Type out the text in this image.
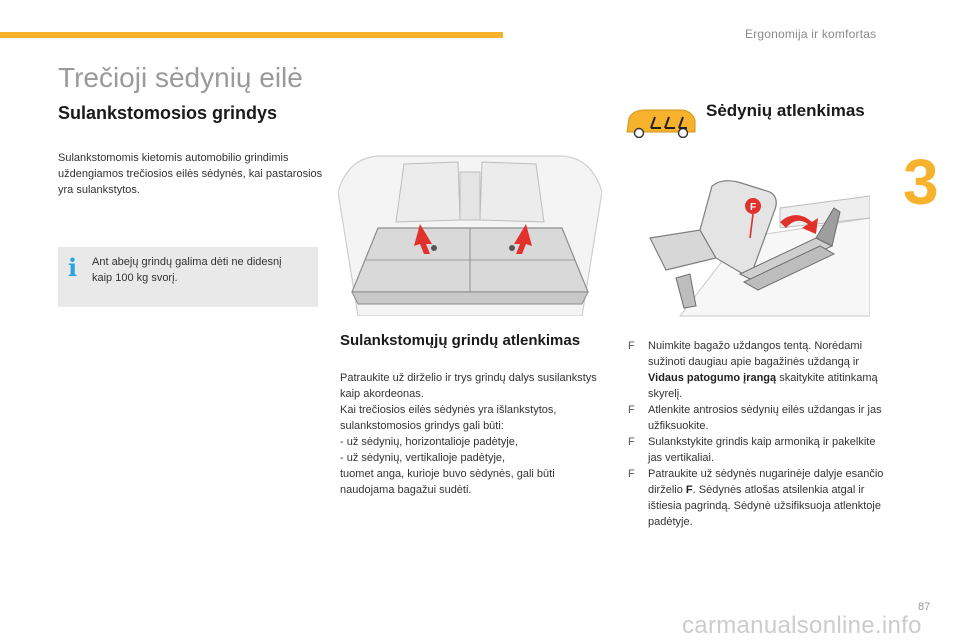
Ergonomija ir komfortas
3
Trečioji sėdynių eilė
Sulankstomosios grindys

Sulankstomomis kietomis automobilio grindimis uždengiamos trečiosios eilės sėdynės, kai pastarosios yra sulankstytos.

i Ant abejų grindų galima dėti ne didesnį kaip 100 kg svorį.

Sulankstomųjų grindų atlenkimas

Patraukite už dirželio ir trys grindų dalys susilankstys kaip akordeonas.

Kai trečiosios eilės sėdynės yra išlankstytos, sulankstomosios grindys gali būti:

- už sėdynių, horizontalioje padėtyje,

- už sėdynių, vertikalioje padėtyje,

tuomet anga, kurioje buvo sėdynės, gali būti naudojama bagažui sudėti.

Sėdynių atlenkimas
F
F Nuimkite bagažo uždangos tentą. Norėdami sužinoti daugiau apie bagažinės uždangą ir Vidaus patogumo įrangą skaitykite atitinkamą skyrelį.
F Atlenkite antrosios sėdynių eilės uždangas ir jas užfiksuokite.
F Sulankstykite grindis kaip armoniką ir pakelkite jas vertikaliai.
F Patraukite už sėdynės nugarinėje dalyje esančio dirželio F. Sėdynės atlošas atsilenkia atgal ir ištiesia pagrindą. Sėdynė užsifiksuoja atlenktoje padėtyje.
carmanualsonline.info
87
